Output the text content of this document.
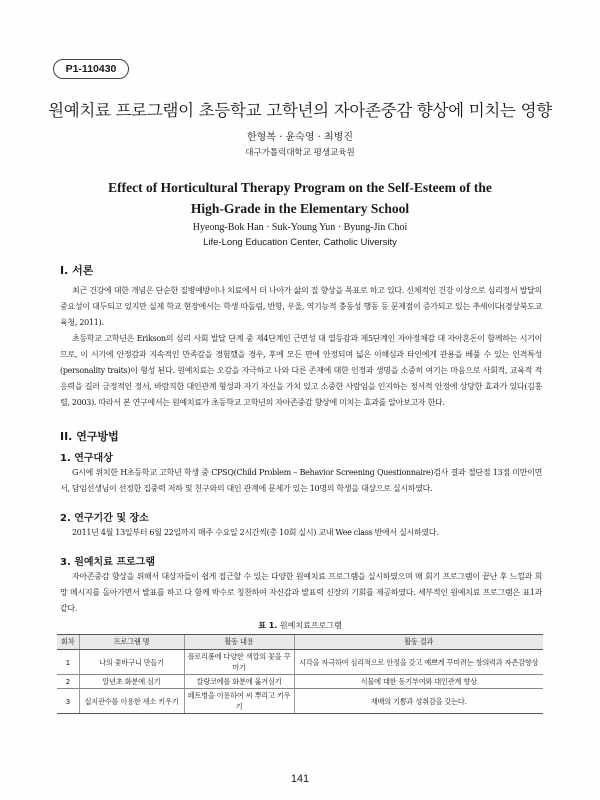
P1-110430
원예치료 프로그램이 초등학교 고학년의 자아존중감 향상에 미치는 영향
한형복 · 윤숙영 · 최병진
대구가톨릭대학교 평생교육원
Effect of Horticultural Therapy Program on the Self-Esteem of the
High-Grade in the Elementary School
Hyeong-Bok Han · Suk-Young Yun · Byung-Jin Choi
Life-Long Education Center, Catholic Uiversity
I. 서론

최근 건강에 대한 개념은 단순한 질병예방이나 치료에서 더 나아가 삶의 질 향상을 목표로 하고 있다. 신체적인 건강 이상으로 심리정서 발달의 중요성이 대두되고 있지만 실제 학교 현장에서는 학생 따돌림, 반항, 우울, 역기능적 충동성 행동 등 문제점이 증가되고 있는 추세이다(경상북도교육청, 2011).

초등학교 고학년은 Erikson의 심리 사회 발달 단계 중 제4단계인 근면성 대 열등감과 제5단계인 자아정체감 대 자아혼돈이 함께하는 시기이므로, 이 시기에 안정감과 지속적인 만족감을 경험했을 경우, 후에 모든 면에 안정되며 넓은 이해심과 타인에게 관용을 베풀 수 있는 인격특성(personality traits)이 형성 된다. 원예치료는 오감을 자극하고 나와 다른 존재에 대한 인정과 생명을 소중히 여기는 마음으로 사회적, 교육적 적응력을 길러 긍정적인 정서, 바람직한 대인관계 형성과 자기 자신을 가치 있고 소중한 사람임을 인지하는 정서적 안정에 상당한 효과가 있다(김홍렬, 2003). 따라서 본 연구에서는 원예치료가 초등학교 고학년의 자아존중감 향상에 미치는 효과를 알아보고자 한다.

II. 연구방법
1. 연구대상

G시에 위치한 H초등학교 고학년 학생 중 CPSQ(Child Problem – Behavior Screening Questionnaire)검사 결과 절단점 13점 미만이면서, 담임선생님이 선정한 집중력 저하 및 친구와의 대인 관계에 문제가 있는 10명의 학생을 대상으로 실시하였다.

2. 연구기간 및 장소

2011년 4월 13일부터 6월 22일까지 매주 수요일 2시간씩(총 10회 실시) 교내 Wee class 반에서 실시하였다.

3. 원예치료 프로그램

자아존중감 향상을 위해서 대상자들이 쉽게 접근할 수 있는 다양한 원예치료 프로그램을 실시하였으며 매 회기 프로그램이 끝난 후 느낌과 희망 메시지를 돌아가면서 발표를 하고 다 함께 박수로 칭찬하여 자신감과 발표력 신장의 기회를 제공하였다. 세부적인 원예치료 프로그램은 표1과 같다.

표 1. 원예치료프로그램
회차	프로그램 명	활동 내용	활동 결과
1	나의 꽃바구니 만들기	플로리폼에 다양한 색깔의 꽃을 꾸미기	시각을 자극하여 심리적으로 안정을 갖고 예쁘게 꾸미려는 창의력과 자존감향상
2	알년초 화분에 심기	칼랑코에를 화분에 옮겨심기	식물에 대한 동기부여와 대인관계 향상
3	십지관수를 이용한 새소 키우기	페트병을 이용하여 씨 뿌리고 키우기	재배의 기쁨과 성취감을 갖는다.
141
